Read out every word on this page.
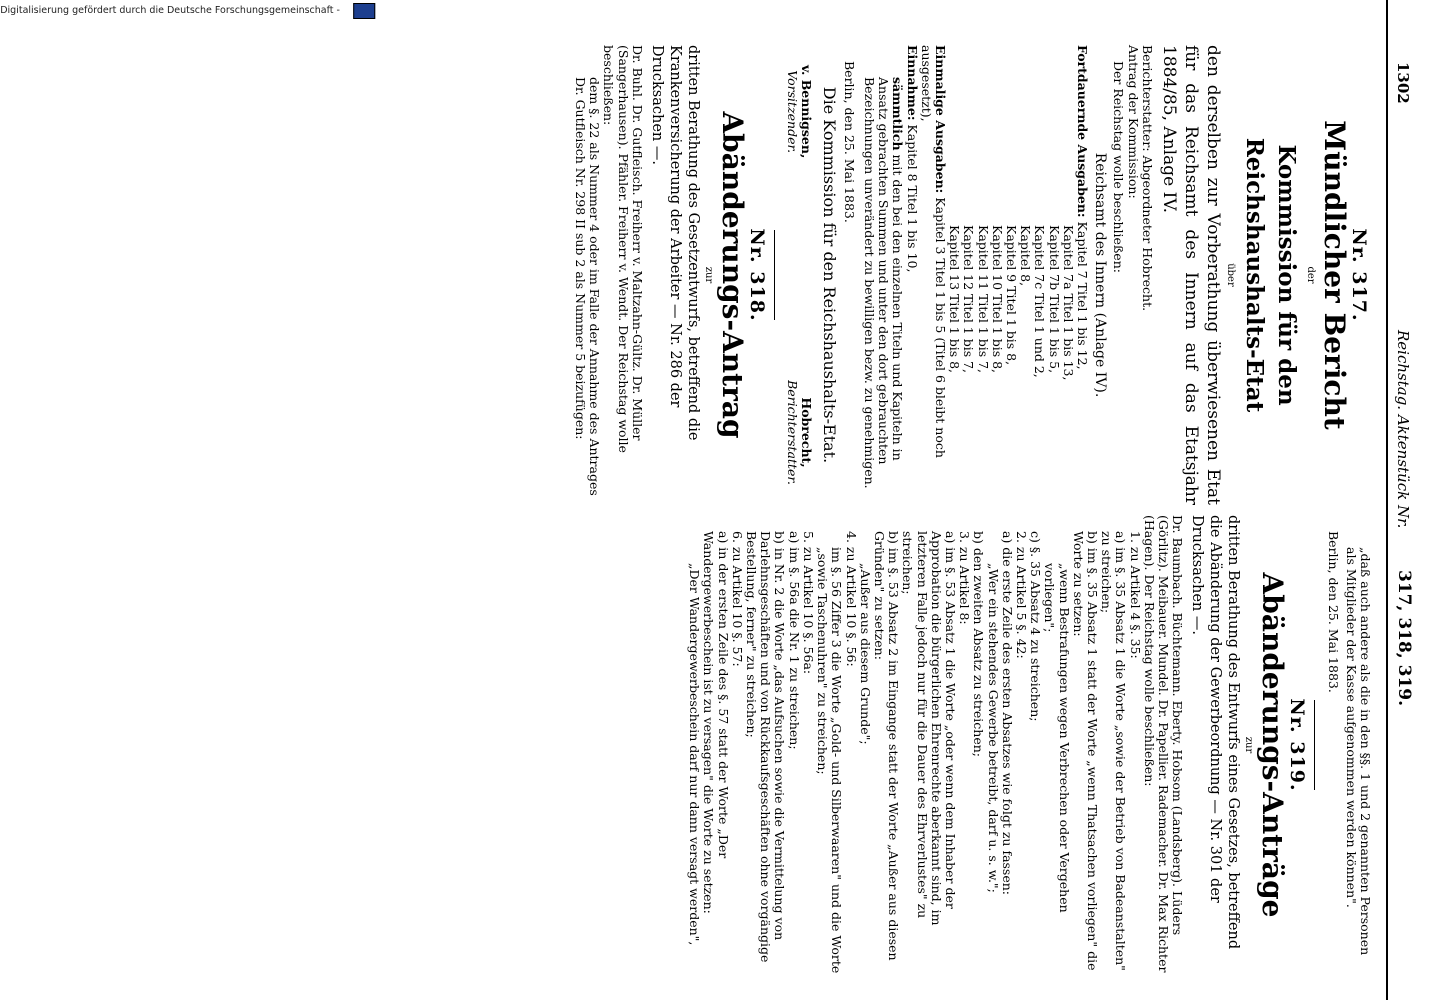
1302
Reichstag. Aktenstück Nr.
317, 318, 319.
Nr. 317.
Mündlicher Bericht
der
Kommission für den Reichshaushalts-Etat
über
den derselben zur Vorberathung überwiesenen Etat für das Reichsamt des Innern auf das Etatsjahr 1884/85, Anlage IV.
Berichterstatter: Abgeordneter Hobrecht.
Antrag der Kommission:
Der Reichstag wolle beschließen:
Reichsamt des Innern (Anlage IV).
Fortdauernde Ausgaben: Kapitel 7 Titel 1 bis 12,
Kapitel 7a Titel 1 bis 13,
Kapitel 7b Titel 1 bis 5,
Kapitel 7c Titel 1 und 2,
Kapitel 8,
Kapitel 9 Titel 1 bis 8,
Kapitel 10 Titel 1 bis 8,
Kapitel 11 Titel 1 bis 7,
Kapitel 12 Titel 1 bis 7,
Kapitel 13 Titel 1 bis 8,
Einmalige Ausgaben: Kapitel 3 Titel 1 bis 5 (Titel 6 bleibt noch ausgesetzt),
Einnahme: Kapitel 8 Titel 1 bis 10,
sämmtlich mit den bei den einzelnen Titeln und Kapiteln in Ansatz gebrachten Summen und unter den dort gebrauchten Bezeichnungen unverändert zu bewilligen bezw. zu genehmigen.
Berlin, den 25. Mai 1883.
Die Kommission für den Reichshaushalts-Etat.
v. Bennigsen,
Vorsitzender.
Hobrecht,
Berichterstatter.
Nr. 318.
Abänderungs-Antrag
zur
dritten Berathung des Gesetzentwurfs, betreffend die Krankenversicherung der Arbeiter — Nr. 286 der Drucksachen —.
Dr. Buhl. Dr. Gutfleisch. Freiherr v. Maltzahn-Gültz. Dr. Müller (Sangerhausen). Pfähler. Freiherr v. Wendt. Der Reichstag wolle beschließen:
dem §. 22 als Nummer 4 oder im Falle der Annahme des Antrages Dr. Gutfleisch Nr. 298 II sub 2 als Nummer 5 beizufügen:
„daß auch andere als die in den §§. 1 und 2 genannten Personen als Mitglieder der Kasse aufgenommen werden können".
Berlin, den 25. Mai 1883.
Nr. 319.
Abänderungs-Anträge
zur
dritten Berathung des Entwurfs eines Gesetzes, betreffend die Abänderung der Gewerbeordnung — Nr. 301 der Drucksachen —.
Dr. Baumbach. Büchtemann. Eberty. Hobsom (Landsberg). Lüders (Görlitz). Meibauer. Mundel. Dr. Papellier. Rademacher. Dr. Max Richter (Hagen). Der Reichstag wolle beschließen:
1. zu Artikel 4 §. 35:
a) im §. 35 Absatz 1 die Worte „sowie der Betrieb von Badeanstalten" zu streichen;
b) im §. 35 Absatz 1 statt der Worte „wenn Thatsachen vorliegen" die Worte zu setzen:
„wenn Bestrafungen wegen Verbrechen oder Vergehen vorliegen";
c) §. 35 Absatz 4 zu streichen;
2. zu Artikel 5 §. 42:
a) die erste Zeile des ersten Absatzes wie folgt zu fassen:
„Wer ein stehendes Gewerbe betreibt, darf u. s. w.";
b) den zweiten Absatz zu streichen;
3. zu Artikel 8:
a) im §. 53 Absatz 1 die Worte „oder wenn dem Inhaber der Approbation die bürgerlichen Ehrenrechte aberkannt sind, im letzteren Falle jedoch nur für die Dauer des Ehrverlustes" zu streichen;
b) im §. 53 Absatz 2 im Eingange statt der Worte „Außer aus diesen Gründen" zu setzen:
„Außer aus diesem Grunde";
4. zu Artikel 10 §. 56:
im §. 56 Ziffer 3 die Worte „Gold- und Silberwaaren" und die Worte „sowie Taschenuhren" zu streichen;
5. zu Artikel 10 §. 56a:
a) im §. 56a die Nr. 1 zu streichen;
b) in Nr. 2 die Worte „das Aufsuchen sowie die Vermittelung von Darlehnsgeschäften und von Rückkaufsgeschäften ohne vorgängige Bestellung, ferner" zu streichen;
6. zu Artikel 10 §. 57:
a) in der ersten Zeile des §. 57 statt der Worte „Der Wandergewerbeschein ist zu versagen" die Worte zu setzen:
„Der Wandergewerbeschein darf nur dann versagt werden",
Digitalisierung gefördert durch die Deutsche Forschungsgemeinschaft -
